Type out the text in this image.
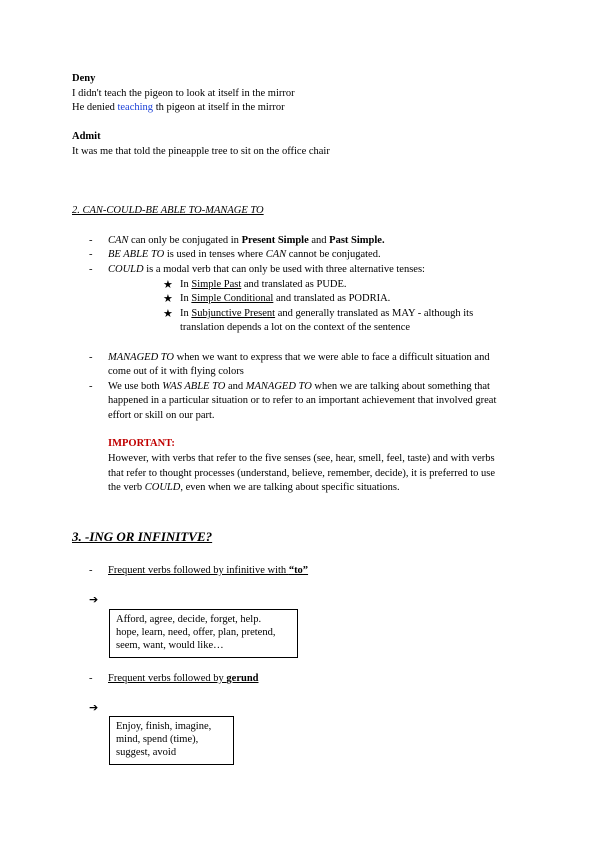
Deny
I didn't teach the pigeon to look at itself in the mirror
He denied teaching th pigeon at itself in the mirror
Admit
It was me that told the pineapple tree to sit on the office chair
2. CAN-COULD-BE ABLE TO-MANAGE TO
- CAN can only be conjugated in Present Simple and Past Simple.
- BE ABLE TO is used in tenses where CAN cannot be conjugated.
- COULD is a modal verb that can only be used with three alternative tenses:
★ In Simple Past and translated as PUDE.
★ In Simple Conditional and translated as PODRIA.
★ In Subjunctive Present and generally translated as MAY - although its
translation depends a lot on the context of the sentence
- MANAGED TO when we want to express that we were able to face a difficult situation and
come out of it with flying colors
- We use both WAS ABLE TO and MANAGED TO when we are talking about something that
happened in a particular situation or to refer to an important achievement that involved great
effort or skill on our part.
IMPORTANT:
However, with verbs that refer to the five senses (see, hear, smell, feel, taste) and with verbs
that refer to thought processes (understand, believe, remember, decide), it is preferred to use
the verb COULD, even when we are talking about specific situations.
3. -ING OR INFINITVE?
- Frequent verbs followed by infinitive with “to”
➔
Afford, agree, decide, forget, help.
hope, learn, need, offer, plan, pretend,
seem, want, would like…
- Frequent verbs followed by gerund
➔
Enjoy, finish, imagine,
mind, spend (time),
suggest, avoid
